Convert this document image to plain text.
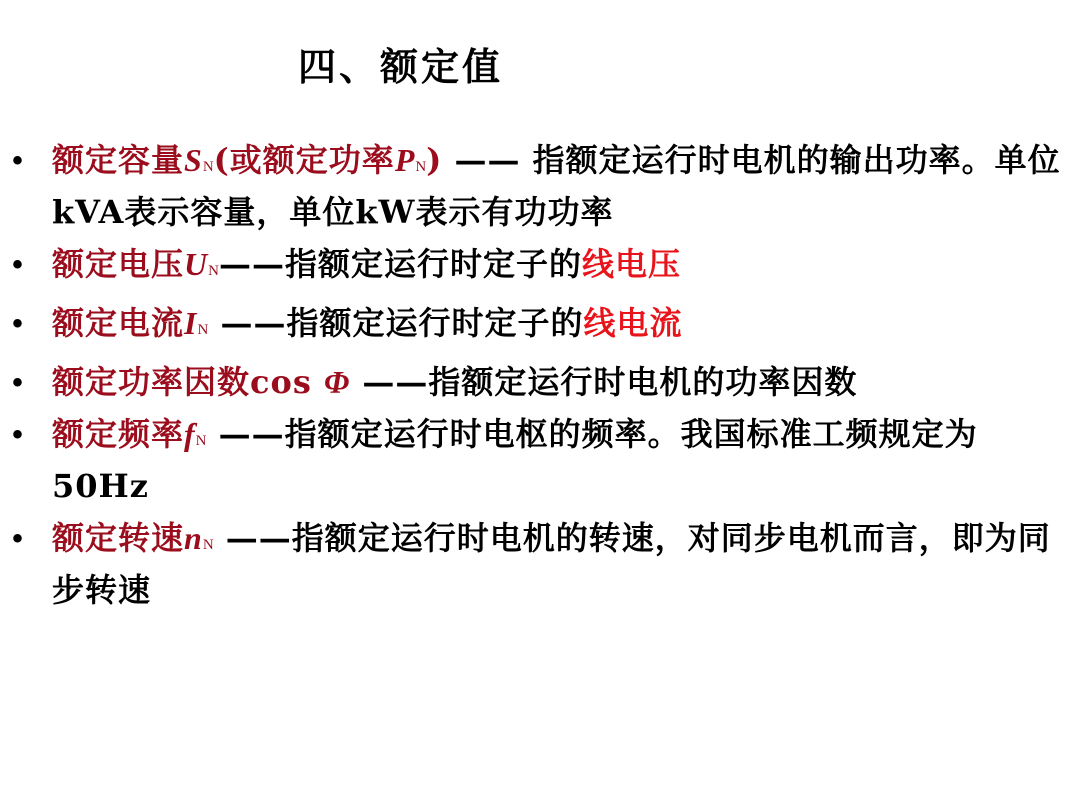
四、额定值
• 额定容量SN(或额定功率PN) —— 指额定运行时电机的输出功率。单位kVA表示容量，单位kW表示有功功率
• 额定电压UN——指额定运行时定子的线电压
• 额定电流IN ——指额定运行时定子的线电流
• 额定功率因数cos Φ ——指额定运行时电机的功率因数
• 额定频率fN ——指额定运行时电枢的频率。我国标准工频规定为50Hz
• 额定转速nN ——指额定运行时电机的转速，对同步电机而言，即为同步转速
